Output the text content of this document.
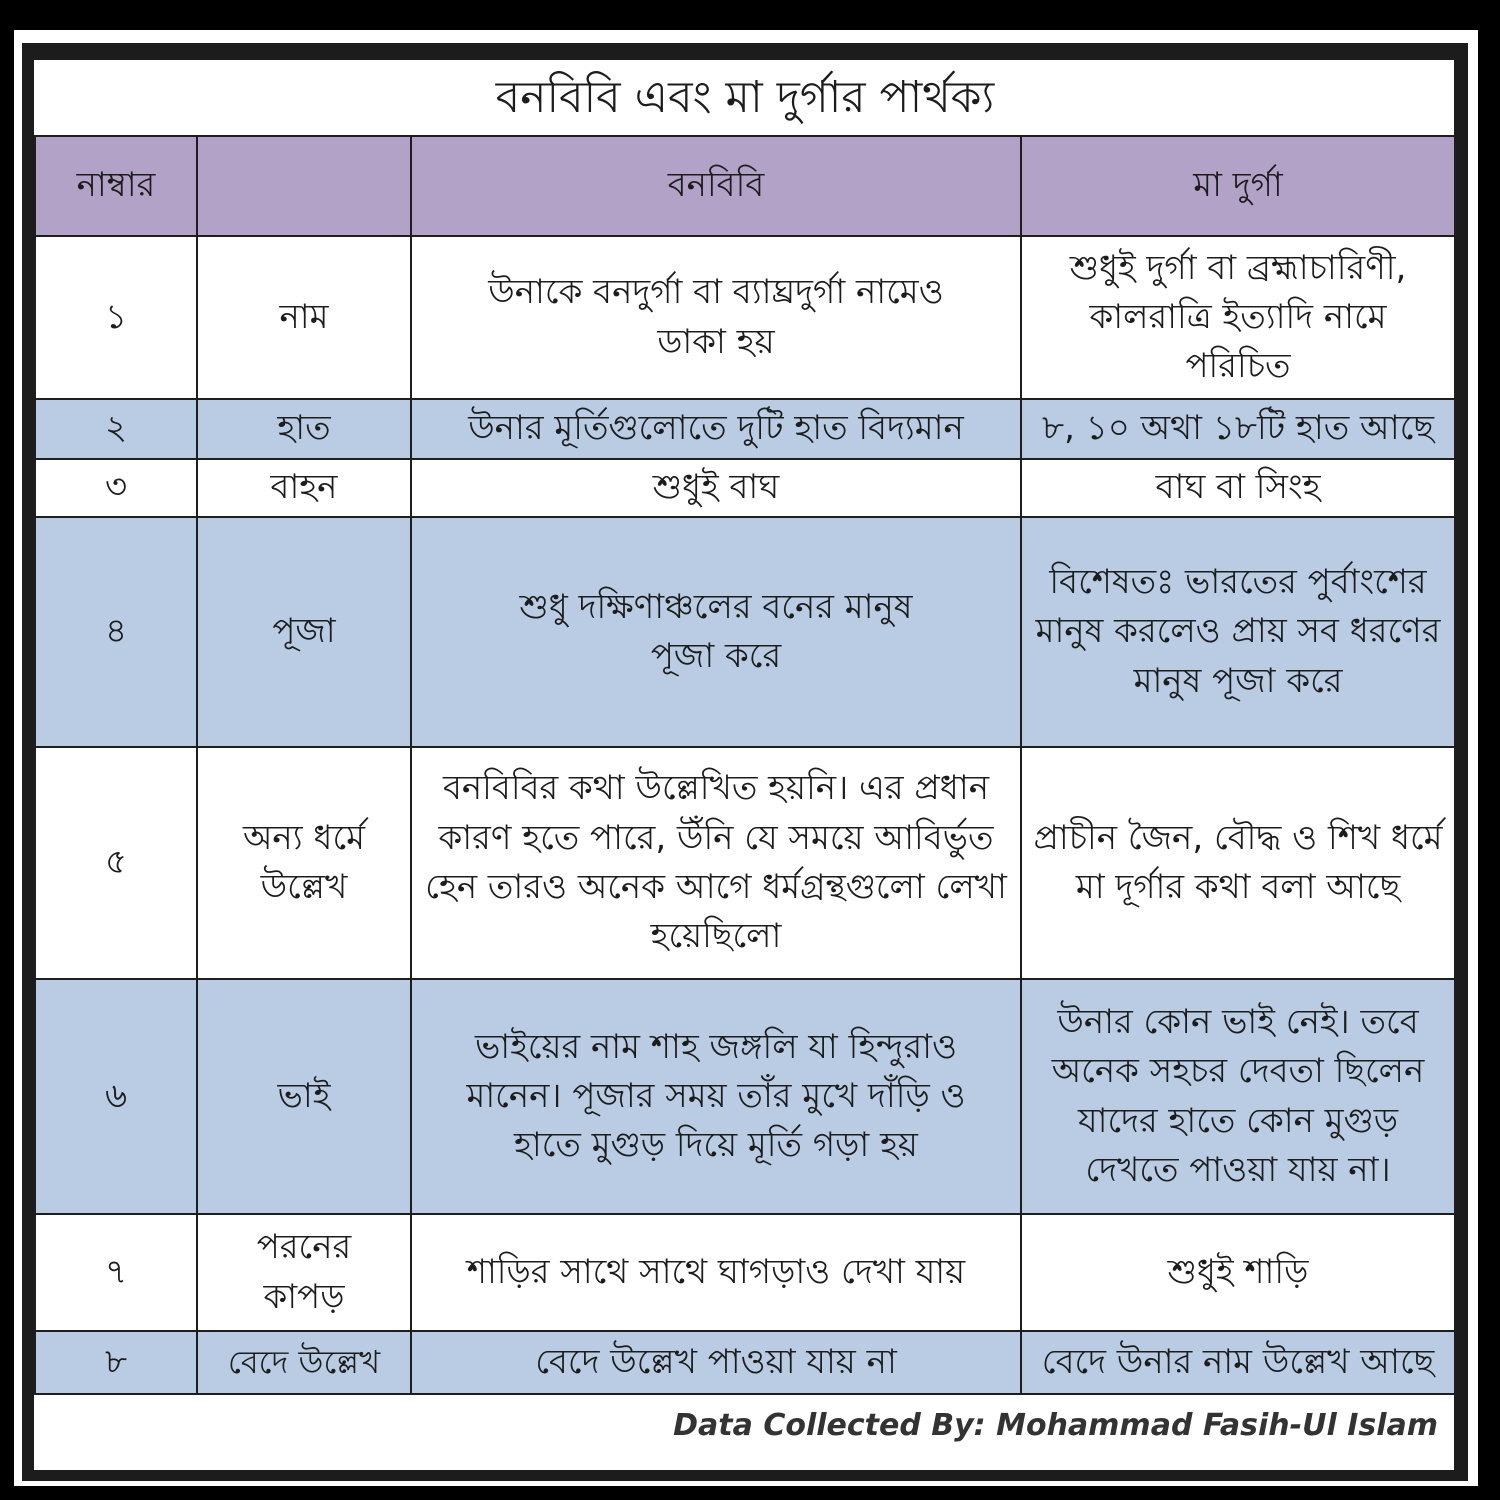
বনবিবি এবং মা দুর্গার পার্থক্য			
নাম্বার		বনবিবি	মা দুর্গা
১	নাম	উনাকে বনদুর্গা বা ব্যাঘ্রদুর্গা নামেও ডাকা হয়	শুধুই দুর্গা বা ব্রহ্মাচারিণী, কালরাত্রি ইত্যাদি নামে পরিচিত
২	হাত	উনার মূর্তিগুলোতে দুটি হাত বিদ্যমান	৮, ১০ অথা ১৮টি হাত আছে
৩	বাহন	শুধুই বাঘ	বাঘ বা সিংহ
৪	পূজা	শুধু দক্ষিণাঞ্চলের বনের মানুষ পূজা করে	বিশেষতঃ ভারতের পুর্বাংশের মানুষ করলেও প্রায় সব ধরণের মানুষ পূজা করে
৫	অন্য ধর্মে উল্লেখ	বনবিবির কথা উল্লেখিত হয়নি। এর প্রধান কারণ হতে পারে, উঁনি যে সময়ে আবির্ভুত হেন তারও অনেক আগে ধর্মগ্রন্থগুলো লেখা হয়েছিলো	প্রাচীন জৈন, বৌদ্ধ ও শিখ ধর্মে মা দূর্গার কথা বলা আছে
৬	ভাই	ভাইয়ের নাম শাহ জঙ্গলি যা হিন্দুরাও মানেন। পূজার সময় তাঁর মুখে দাঁড়ি ও হাতে মুগুড় দিয়ে মূর্তি গড়া হয়	উনার কোন ভাই নেই। তবে অনেক সহচর দেবতা ছিলেন যাদের হাতে কোন মুগুড় দেখতে পাওয়া যায় না।
৭	পরনের কাপড়	শাড়ির সাথে সাথে ঘাগড়াও দেখা যায়	শুধুই শাড়ি
৮	বেদে উল্লেখ	বেদে উল্লেখ পাওয়া যায় না	বেদে উনার নাম উল্লেখ আছে
Data Collected By: Mohammad Fasih-Ul Islam
